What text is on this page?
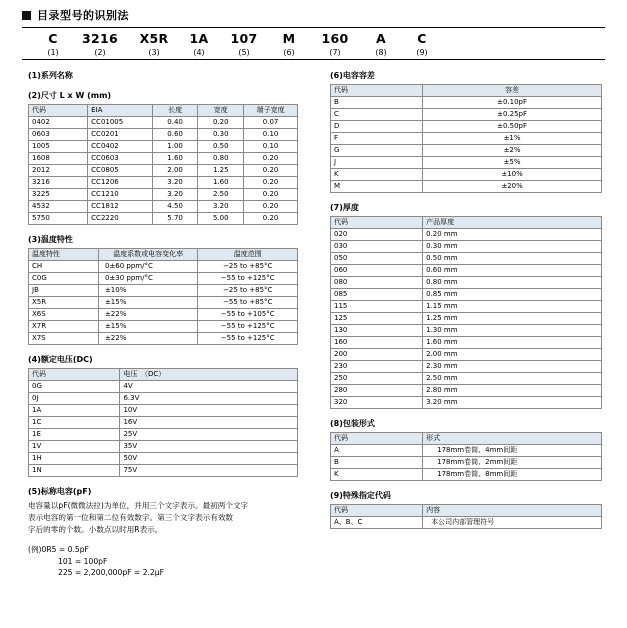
目录型号的识别法
C	3216	X5R	1A	107	M	160	A	C
(1)	(2)	(3)	(4)	(5)	(6)	(7)	(8)	(9)
(1)系列名称
(2)尺寸 L x W (mm)
代码	EIA	长度	宽度	端子宽度
0402	CC01005	0.40	0.20	0.07
0603	CC0201	0.60	0.30	0.10
1005	CC0402	1.00	0.50	0.10
1608	CC0603	1.60	0.80	0.20
2012	CC0805	2.00	1.25	0.20
3216	CC1206	3.20	1.60	0.20
3225	CC1210	3.20	2.50	0.20
4532	CC1812	4.50	3.20	0.20
5750	CC2220	5.70	5.00	0.20
(3)温度特性
温度特性	温度系数或电容变化率	温度范围
CH	0±60 ppm/°C	−25 to +85°C
C0G	0±30 ppm/°C	−55 to +125°C
JB	±10%	−25 to +85°C
X5R	±15%	−55 to +85°C
X6S	±22%	−55 to +105°C
X7R	±15%	−55 to +125°C
X7S	±22%	−55 to +125°C
(4)额定电压(DC)
代码	电压　（DC）
0G	4V
0J	6.3V
1A	10V
1C	16V
1E	25V
1V	35V
1H	50V
1N	75V
(5)标称电容(pF)

电容量以pF(微微法拉)为单位，并用三个文字表示。最初两个文字

表示电容的第一位和第二位有效数字。第三个文字表示有效数

字后的零的个数。小数点以时用R表示。

(例)0R5 = 0.5pF
101 = 100pF
225 = 2,200,000pF = 2.2μF
(6)电容容差
代码	容差
B	±0.10pF
C	±0.25pF
D	±0.50pF
F	±1%
G	±2%
J	±5%
K	±10%
M	±20%
(7)厚度
代码	产品厚度
020	0.20 mm
030	0.30 mm
050	0.50 mm
060	0.60 mm
080	0.80 mm
085	0.85 mm
115	1.15 mm
125	1.25 mm
130	1.30 mm
160	1.60 mm
200	2.00 mm
230	2.30 mm
250	2.50 mm
280	2.80 mm
320	3.20 mm
(8)包装形式
代码	形式
A	178mm卷筒、4mm间距
B	178mm卷筒、2mm间距
K	178mm卷筒、8mm间距
(9)特殊指定代码
代码	内容
A、B、C	本公司内部管理符号
